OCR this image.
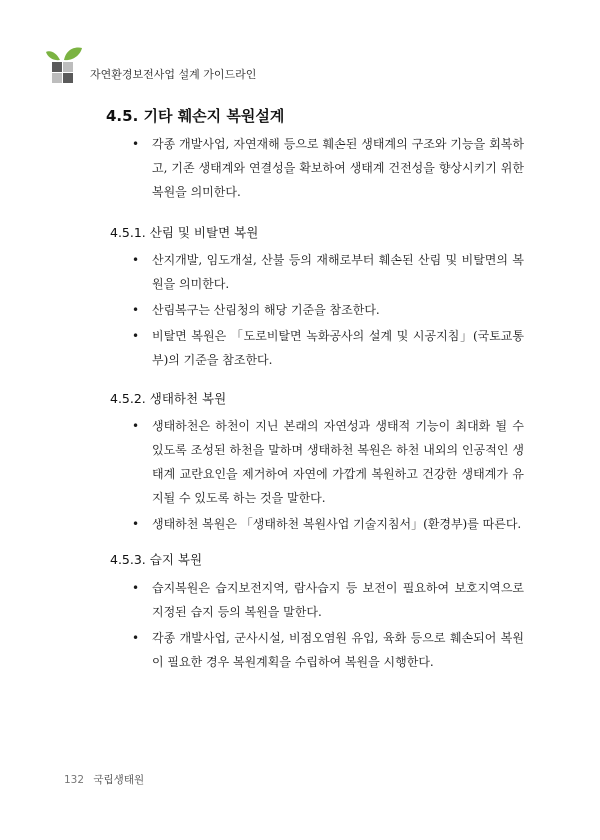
자연환경보전사업 설계 가이드라인
4.5. 기타 훼손지 복원설계
• 각종 개발사업, 자연재해 등으로 훼손된 생태계의 구조와 기능을 회복하고, 기존 생태계와 연결성을 확보하여 생태계 건전성을 향상시키기 위한 복원을 의미한다.
4.5.1. 산림 및 비탈면 복원
• 산지개발, 임도개설, 산불 등의 재해로부터 훼손된 산림 및 비탈면의 복원을 의미한다.
• 산림복구는 산림청의 해당 기준을 참조한다.
• 비탈면 복원은 「도로비탈면 녹화공사의 설계 및 시공지침」(국토교통부)의 기준을 참조한다.
4.5.2. 생태하천 복원
• 생태하천은 하천이 지닌 본래의 자연성과 생태적 기능이 최대화 될 수 있도록 조성된 하천을 말하며 생태하천 복원은 하천 내외의 인공적인 생태계 교란요인을 제거하여 자연에 가깝게 복원하고 건강한 생태계가 유지될 수 있도록 하는 것을 말한다.
• 생태하천 복원은 「생태하천 복원사업 기술지침서」(환경부)를 따른다.
4.5.3. 습지 복원
• 습지복원은 습지보전지역, 람사습지 등 보전이 필요하여 보호지역으로 지정된 습지 등의 복원을 말한다.
• 각종 개발사업, 군사시설, 비점오염원 유입, 육화 등으로 훼손되어 복원이 필요한 경우 복원계획을 수립하여 복원을 시행한다.
132 국립생태원
